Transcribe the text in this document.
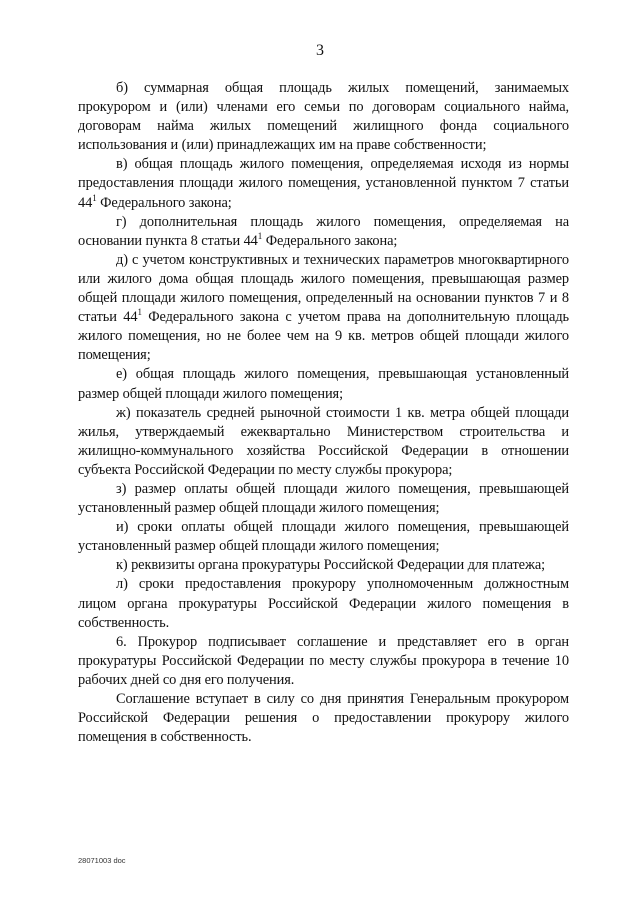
3

б) суммарная общая площадь жилых помещений, занимаемых прокурором и (или) членами его семьи по договорам социального найма, договорам найма жилых помещений жилищного фонда социального использования и (или) принадлежащих им на праве собственности;

в) общая площадь жилого помещения, определяемая исходя из нормы предоставления площади жилого помещения, установленной пунктом 7 статьи $44^1$ Федерального закона;

г) дополнительная площадь жилого помещения, определяемая на основании пункта 8 статьи $44^1$ Федерального закона;

д) с учетом конструктивных и технических параметров многоквартирного или жилого дома общая площадь жилого помещения, превышающая размер общей площади жилого помещения, определенный на основании пунктов 7 и 8 статьи $44^1$ Федерального закона с учетом права на дополнительную площадь жилого помещения, но не более чем на 9 кв. метров общей площади жилого помещения;

е) общая площадь жилого помещения, превышающая установленный размер общей площади жилого помещения;

ж) показатель средней рыночной стоимости 1 кв. метра общей площади жилья, утверждаемый ежеквартально Министерством строительства и жилищно-коммунального хозяйства Российской Федерации в отношении субъекта Российской Федерации по месту службы прокурора;

з) размер оплаты общей площади жилого помещения, превышающей установленный размер общей площади жилого помещения;

и) сроки оплаты общей площади жилого помещения, превышающей установленный размер общей площади жилого помещения;

к) реквизиты органа прокуратуры Российской Федерации для платежа;

л) сроки предоставления прокурору уполномоченным должностным лицом органа прокуратуры Российской Федерации жилого помещения в собственность.

6. Прокурор подписывает соглашение и представляет его в орган прокуратуры Российской Федерации по месту службы прокурора в течение 10 рабочих дней со дня его получения.

Соглашение вступает в силу со дня принятия Генеральным прокурором Российской Федерации решения о предоставлении прокурору жилого помещения в собственность.

28071003 doc
